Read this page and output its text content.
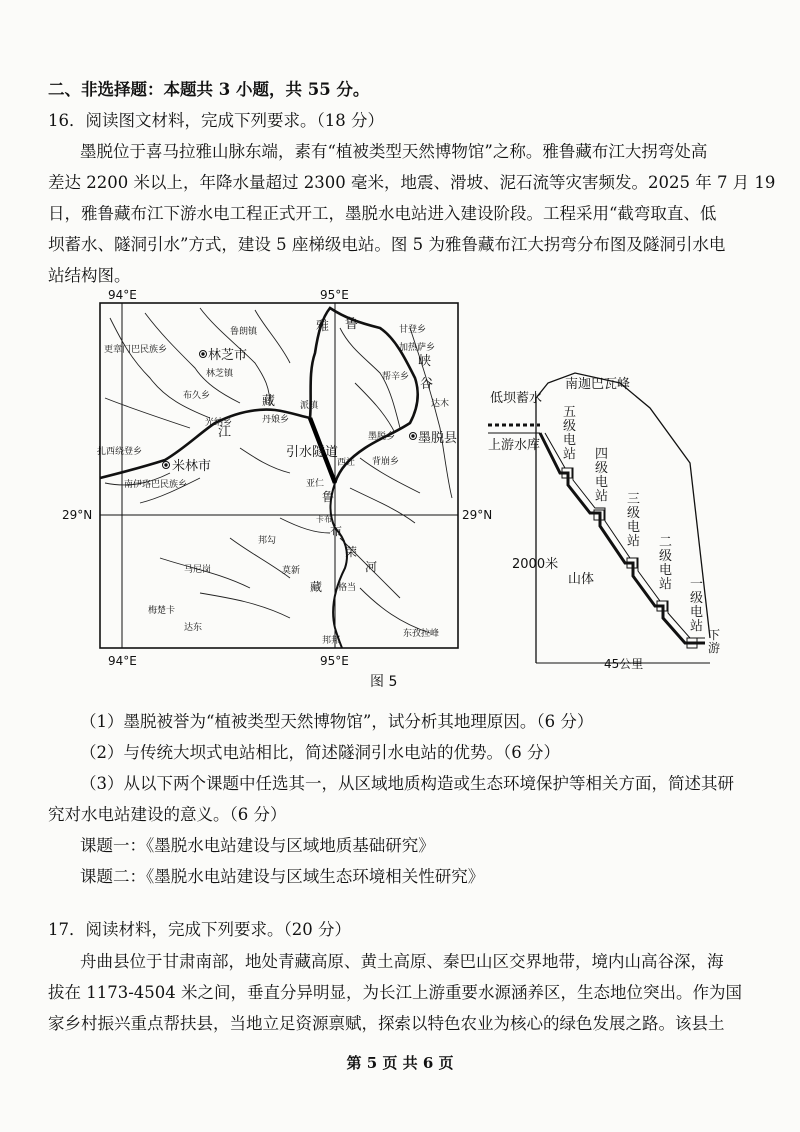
二、非选择题：本题共 3 小题，共 55 分。
16．阅读图文材料，完成下列要求。（18 分）
墨脱位于喜马拉雅山脉东端，素有“植被类型天然博物馆”之称。雅鲁藏布江大拐弯处高
差达 2200 米以上，年降水量超过 2300 毫米，地震、滑坡、泥石流等灾害频发。2025 年 7 月 19
日，雅鲁藏布江下游水电工程正式开工，墨脱水电站进入建设阶段。工程采用“截弯取直、低
坝蓄水、隧洞引水”方式，建设 5 座梯级电站。图 5 为雅鲁藏布江大拐弯分布图及隧洞引水电
站结构图。
94°E	95°E
94°E	95°E
29°N	29°N
雅 鲁
藏
江
峡
谷
鲁
布
荣
河
藏
引水隧道
林芝市
林芝镇
米林市
墨脱县
更章门巴民族乡
布久乡
光纳乡	丹娘乡
派镇
鲁朗镇	甘登乡
加热萨乡
帮辛乡
达木
墨脱乡
扎西绕登乡
南伊珞巴民族乡
背崩乡
西让
亚仁
卡布
邦勾
莫新
格当
马尼岗
梅楚卡
达东
邦邦
东孜拉峰
南迦巴瓦峰
低坝蓄水
上游水库
五级电站 四级电站 三级电站 二级电站 一级电站
2000米
山体
45公里
下游
图 5
（1）墨脱被誉为“植被类型天然博物馆”，试分析其地理原因。（6 分）
（2）与传统大坝式电站相比，简述隧洞引水电站的优势。（6 分）
（3）从以下两个课题中任选其一，从区域地质构造或生态环境保护等相关方面，简述其研
究对水电站建设的意义。（6 分）
课题一：《墨脱水电站建设与区域地质基础研究》
课题二：《墨脱水电站建设与区域生态环境相关性研究》
17．阅读材料，完成下列要求。（20 分）
舟曲县位于甘肃南部，地处青藏高原、黄土高原、秦巴山区交界地带，境内山高谷深，海
拔在 1173-4504 米之间，垂直分异明显，为长江上游重要水源涵养区，生态地位突出。作为国
家乡村振兴重点帮扶县，当地立足资源禀赋，探索以特色农业为核心的绿色发展之路。该县土
第 5 页 共 6 页
